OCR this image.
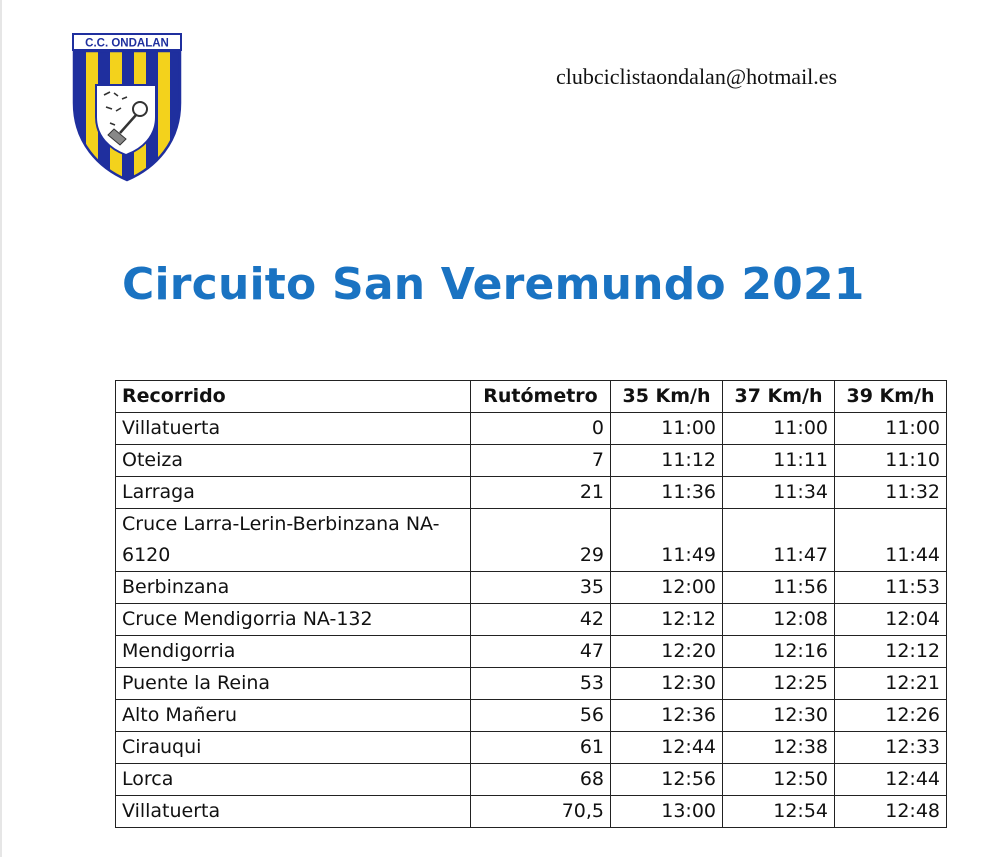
C.C. ONDALAN
clubciclistaondalan@hotmail.es
Circuito San Veremundo 2021
Recorrido	Rutómetro	35 Km/h	37 Km/h	39 Km/h
Villatuerta	0	11:00	11:00	11:00
Oteiza	7	11:12	11:11	11:10
Larraga	21	11:36	11:34	11:32
Cruce Larra-Lerin-Berbinzana NA-6120	29	11:49	11:47	11:44
Berbinzana	35	12:00	11:56	11:53
Cruce Mendigorria NA-132	42	12:12	12:08	12:04
Mendigorria	47	12:20	12:16	12:12
Puente la Reina	53	12:30	12:25	12:21
Alto Mañeru	56	12:36	12:30	12:26
Cirauqui	61	12:44	12:38	12:33
Lorca	68	12:56	12:50	12:44
Villatuerta	70,5	13:00	12:54	12:48
